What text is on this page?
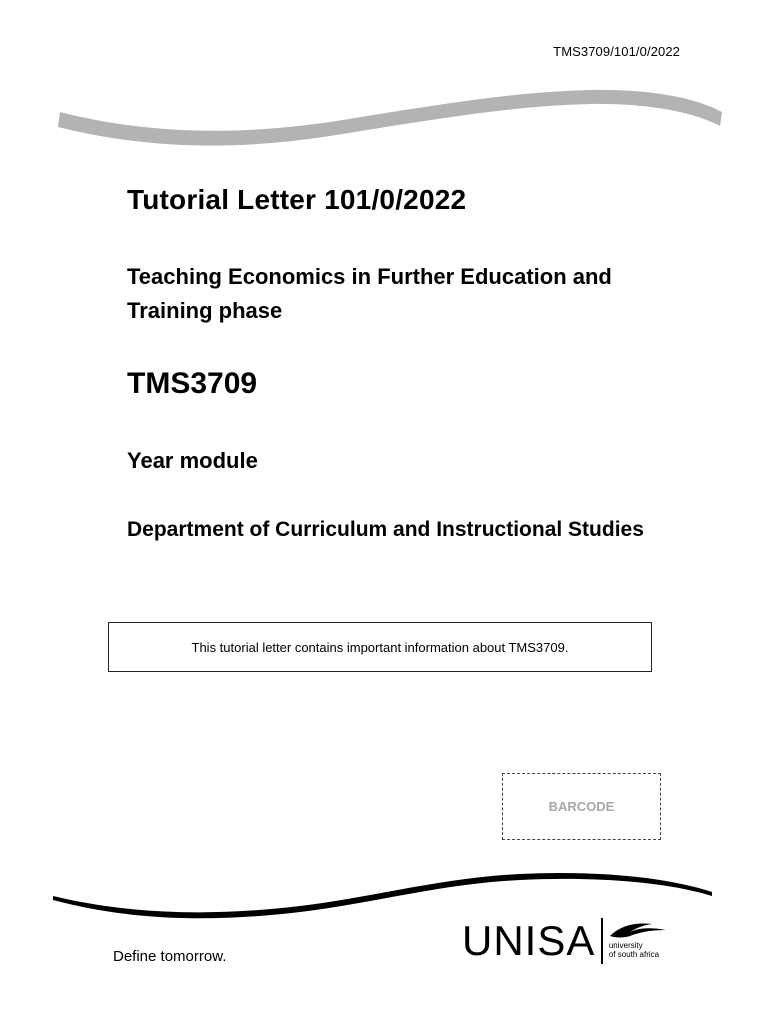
TMS3709/101/0/2022
Tutorial Letter 101/0/2022
Teaching Economics in Further Education and Training phase
TMS3709
Year module
Department of Curriculum and Instructional Studies
This tutorial letter contains important information about TMS3709.
BARCODE
Define tomorrow.	UNISA university
of south africa
